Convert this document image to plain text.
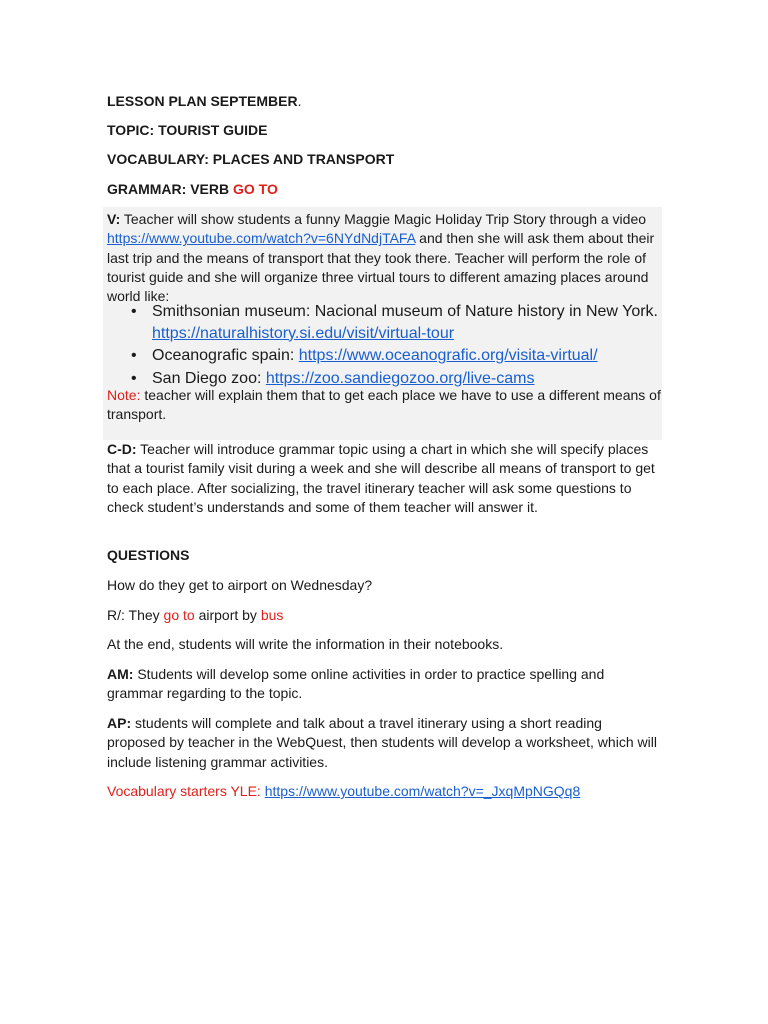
LESSON PLAN SEPTEMBER.
TOPIC: TOURIST GUIDE
VOCABULARY: PLACES AND TRANSPORT
GRAMMAR: VERB GO TO
V: Teacher will show students a funny Maggie Magic Holiday Trip Story through a video https://www.youtube.com/watch?v=6NYdNdjTAFA and then she will ask them about their last trip and the means of transport that they took there. Teacher will perform the role of tourist guide and she will organize three virtual tours to different amazing places around world like:
• Smithsonian museum: Nacional museum of Nature history in New York. https://naturalhistory.si.edu/visit/virtual-tour
• Oceanografic spain: https://www.oceanografic.org/visita-virtual/
• San Diego zoo: https://zoo.sandiegozoo.org/live-cams
Note: teacher will explain them that to get each place we have to use a different means of transport.
C-D: Teacher will introduce grammar topic using a chart in which she will specify places that a tourist family visit during a week and she will describe all means of transport to get to each place. After socializing, the travel itinerary teacher will ask some questions to check student’s understands and some of them teacher will answer it.
QUESTIONS
How do they get to airport on Wednesday?
R/: They go to airport by bus
At the end, students will write the information in their notebooks.
AM: Students will develop some online activities in order to practice spelling and grammar regarding to the topic.
AP: students will complete and talk about a travel itinerary using a short reading proposed by teacher in the WebQuest, then students will develop a worksheet, which will include listening grammar activities.
Vocabulary starters YLE: https://www.youtube.com/watch?v=_JxqMpNGQq8
